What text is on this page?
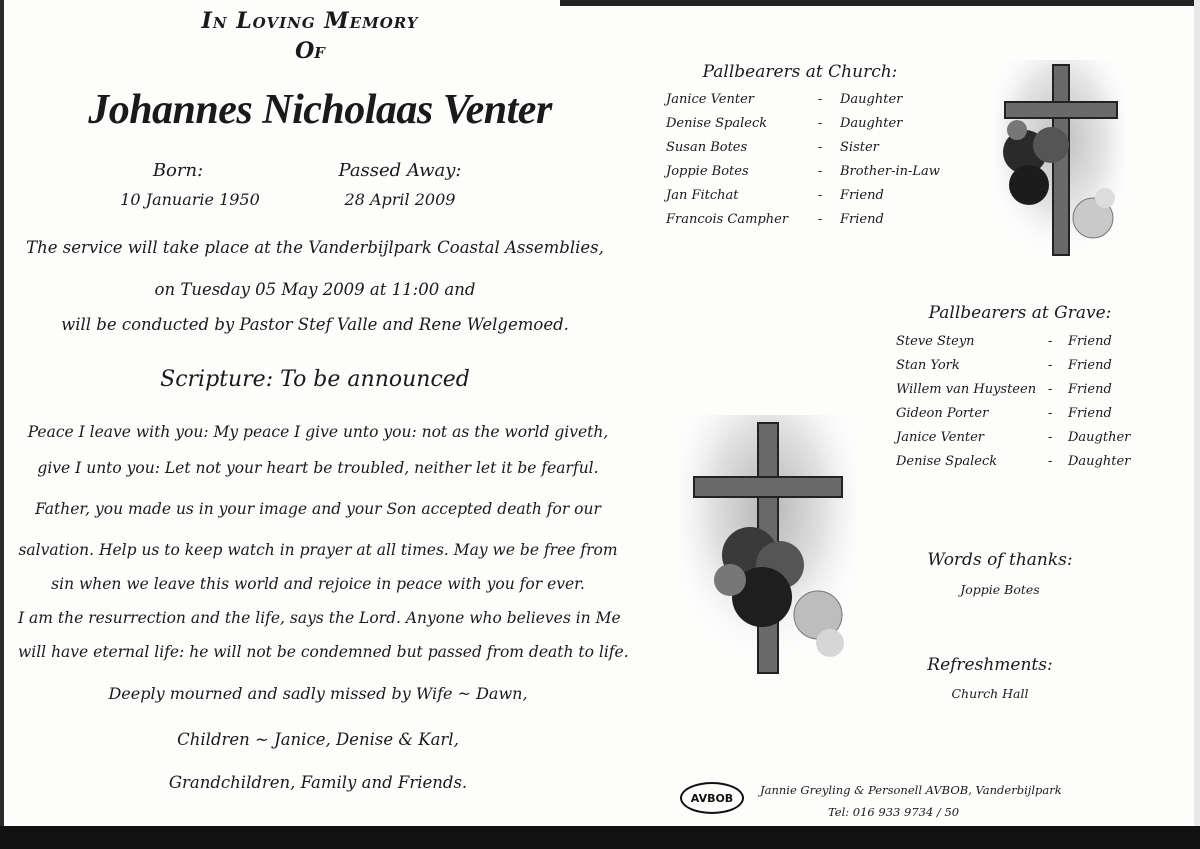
In Loving Memory
Of
Johannes Nicholaas Venter
Born:	Passed Away:
10 Januarie 1950	28 April 2009
The service will take place at the Vanderbijlpark Coastal Assemblies,
on Tuesday 05 May 2009 at 11:00 and
will be conducted by Pastor Stef Valle and Rene Welgemoed.
Scripture: To be announced
Peace I leave with you: My peace I give unto you: not as the world giveth,
give I unto you: Let not your heart be troubled, neither let it be fearful.
Father, you made us in your image and your Son accepted death for our
salvation. Help us to keep watch in prayer at all times. May we be free from
sin when we leave this world and rejoice in peace with you for ever.
I am the resurrection and the life, says the Lord. Anyone who believes in Me
will have eternal life: he will not be condemned but passed from death to life.
Deeply mourned and sadly missed by Wife ~ Dawn,
Children ~ Janice, Denise & Karl,
Grandchildren, Family and Friends.
Pallbearers at Church:
Janice Venter	- Daughter
Denise Spaleck	- Daughter
Susan Botes	- Sister
Joppie Botes	- Brother-in-Law
Jan Fitchat	- Friend
Francois Campher - Friend
Pallbearers at Grave:
Steve Steyn	- Friend
Stan York	- Friend
Willem van Huysteen - Friend
Gideon Porter	- Friend
Janice Venter	- Daugther
Denise Spaleck	- Daughter
Words of thanks:
Joppie Botes
Refreshments:
Church Hall
AVBOB
Jannie Greyling & Personell AVBOB, Vanderbijlpark
Tel: 016 933 9734 / 50
